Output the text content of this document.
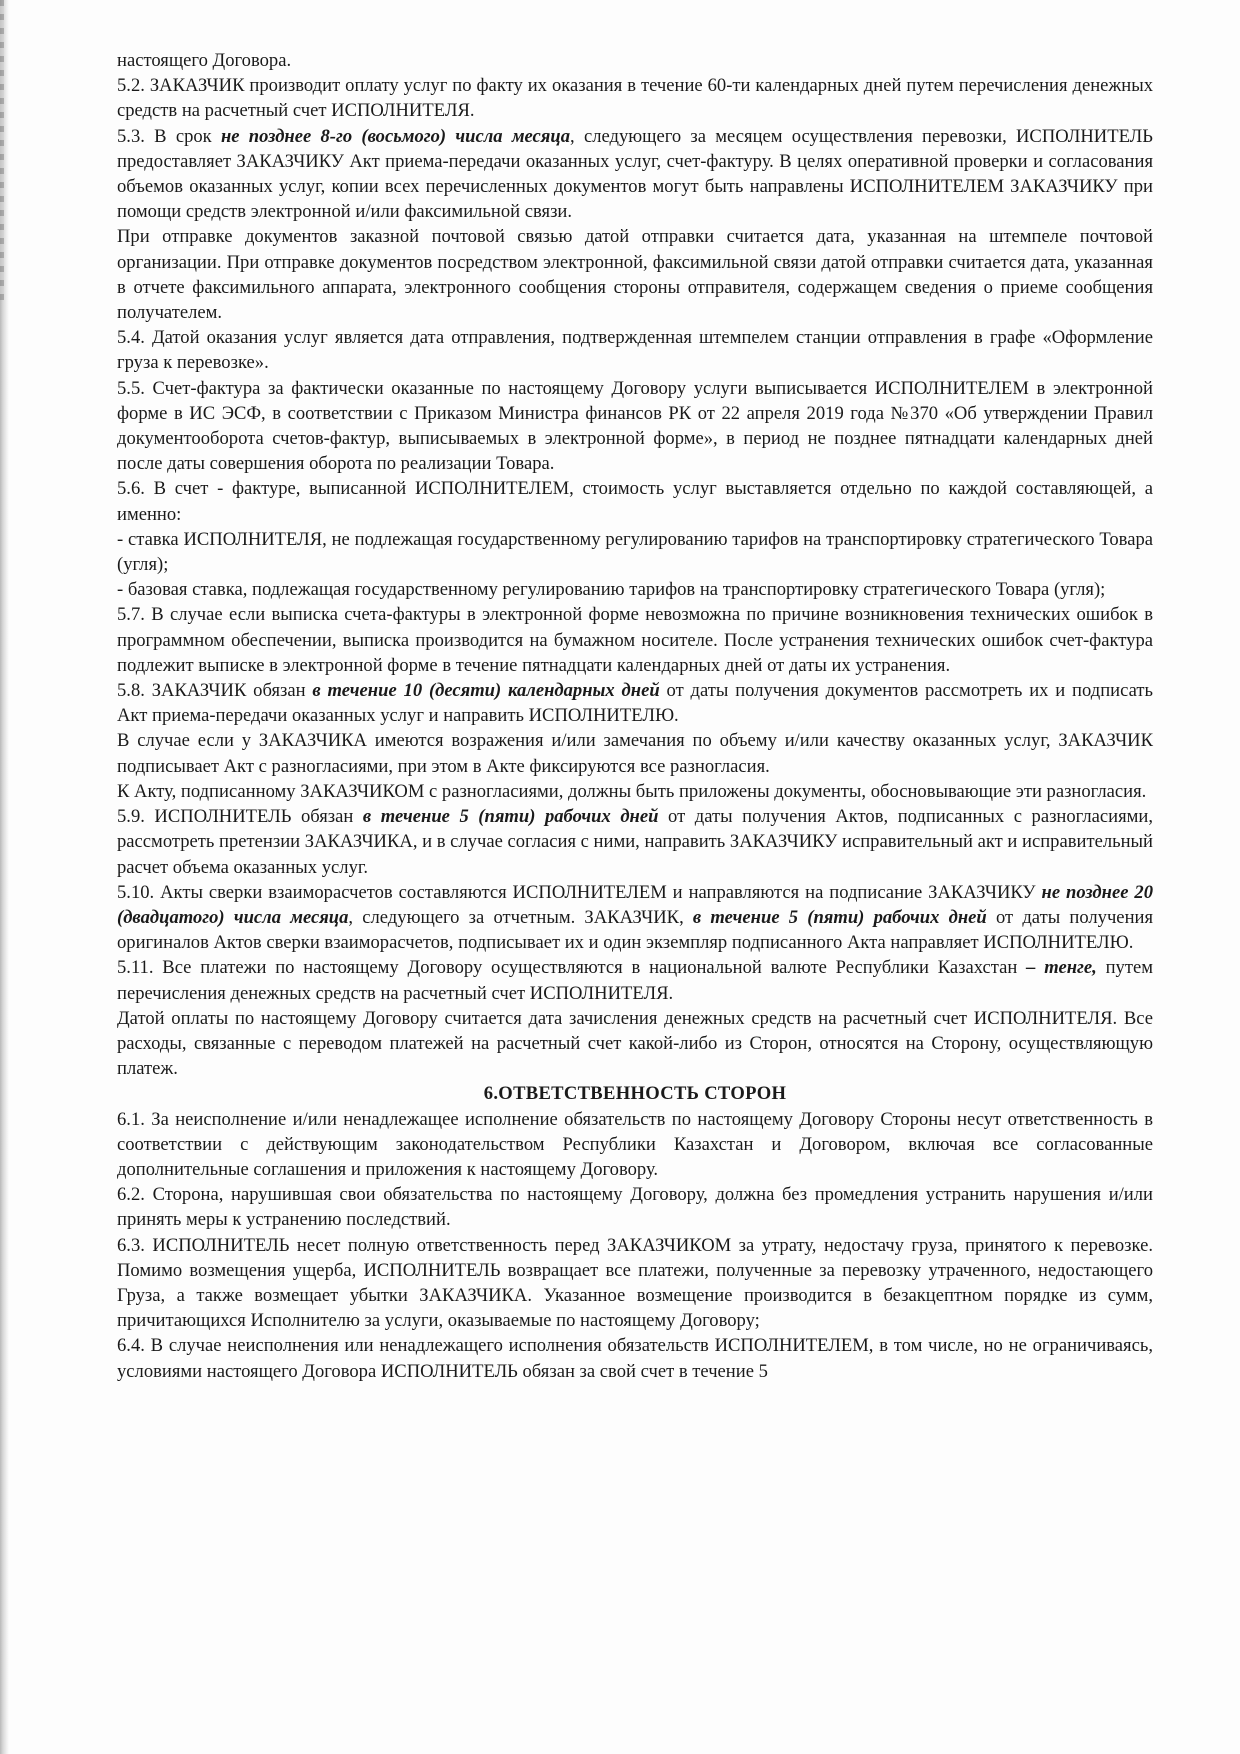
настоящего Договора.

5.2. ЗАКАЗЧИК производит оплату услуг по факту их оказания в течение 60-ти календарных дней путем перечисления денежных средств на расчетный счет ИСПОЛНИТЕЛЯ.

5.3. В срок не позднее 8-го (восьмого) числа месяца, следующего за месяцем осуществления перевозки, ИСПОЛНИТЕЛЬ предоставляет ЗАКАЗЧИКУ Акт приема-передачи оказанных услуг, счет-фактуру. В целях оперативной проверки и согласования объемов оказанных услуг, копии всех перечисленных документов могут быть направлены ИСПОЛНИТЕЛЕМ ЗАКАЗЧИКУ при помощи средств электронной и/или факсимильной связи.

При отправке документов заказной почтовой связью датой отправки считается дата, указанная на штемпеле почтовой организации. При отправке документов посредством электронной, факсимильной связи датой отправки считается дата, указанная в отчете факсимильного аппарата, электронного сообщения стороны отправителя, содержащем сведения о приеме сообщения получателем.

5.4. Датой оказания услуг является дата отправления, подтвержденная штемпелем станции отправления в графе «Оформление груза к перевозке».

5.5. Счет-фактура за фактически оказанные по настоящему Договору услуги выписывается ИСПОЛНИТЕЛЕМ в электронной форме в ИС ЭСФ, в соответствии с Приказом Министра финансов РК от 22 апреля 2019 года №370 «Об утверждении Правил документооборота счетов-фактур, выписываемых в электронной форме», в период не позднее пятнадцати календарных дней после даты совершения оборота по реализации Товара.

5.6. В счет - фактуре, выписанной ИСПОЛНИТЕЛЕМ, стоимость услуг выставляется отдельно по каждой составляющей, а именно:

- ставка ИСПОЛНИТЕЛЯ, не подлежащая государственному регулированию тарифов на транспортировку стратегического Товара (угля);

- базовая ставка, подлежащая государственному регулированию тарифов на транспортировку стратегического Товара (угля);

5.7. В случае если выписка счета-фактуры в электронной форме невозможна по причине возникновения технических ошибок в программном обеспечении, выписка производится на бумажном носителе. После устранения технических ошибок счет-фактура подлежит выписке в электронной форме в течение пятнадцати календарных дней от даты их устранения.

5.8. ЗАКАЗЧИК обязан в течение 10 (десяти) календарных дней от даты получения документов рассмотреть их и подписать Акт приема-передачи оказанных услуг и направить ИСПОЛНИТЕЛЮ.

В случае если у ЗАКАЗЧИКА имеются возражения и/или замечания по объему и/или качеству оказанных услуг, ЗАКАЗЧИК подписывает Акт с разногласиями, при этом в Акте фиксируются все разногласия.

К Акту, подписанному ЗАКАЗЧИКОМ с разногласиями, должны быть приложены документы, обосновывающие эти разногласия.

5.9. ИСПОЛНИТЕЛЬ обязан в течение 5 (пяти) рабочих дней от даты получения Актов, подписанных с разногласиями, рассмотреть претензии ЗАКАЗЧИКА, и в случае согласия с ними, направить ЗАКАЗЧИКУ исправительный акт и исправительный расчет объема оказанных услуг.

5.10. Акты сверки взаиморасчетов составляются ИСПОЛНИТЕЛЕМ и направляются на подписание ЗАКАЗЧИКУ не позднее 20 (двадцатого) числа месяца, следующего за отчетным. ЗАКАЗЧИК, в течение 5 (пяти) рабочих дней от даты получения оригиналов Актов сверки взаиморасчетов, подписывает их и один экземпляр подписанного Акта направляет ИСПОЛНИТЕЛЮ.

5.11. Все платежи по настоящему Договору осуществляются в национальной валюте Республики Казахстан – тенге, путем перечисления денежных средств на расчетный счет ИСПОЛНИТЕЛЯ.

Датой оплаты по настоящему Договору считается дата зачисления денежных средств на расчетный счет ИСПОЛНИТЕЛЯ. Все расходы, связанные с переводом платежей на расчетный счет какой-либо из Сторон, относятся на Сторону, осуществляющую платеж.

6.ОТВЕТСТВЕННОСТЬ СТОРОН

6.1. За неисполнение и/или ненадлежащее исполнение обязательств по настоящему Договору Стороны несут ответственность в соответствии с действующим законодательством Республики Казахстан и Договором, включая все согласованные дополнительные соглашения и приложения к настоящему Договору.

6.2. Сторона, нарушившая свои обязательства по настоящему Договору, должна без промедления устранить нарушения и/или принять меры к устранению последствий.

6.3. ИСПОЛНИТЕЛЬ несет полную ответственность перед ЗАКАЗЧИКОМ за утрату, недостачу груза, принятого к перевозке. Помимо возмещения ущерба, ИСПОЛНИТЕЛЬ возвращает все платежи, полученные за перевозку утраченного, недостающего Груза, а также возмещает убытки ЗАКАЗЧИКА. Указанное возмещение производится в безакцептном порядке из сумм, причитающихся Исполнителю за услуги, оказываемые по настоящему Договору;

6.4. В случае неисполнения или ненадлежащего исполнения обязательств ИСПОЛНИТЕЛЕМ, в том числе, но не ограничиваясь, условиями настоящего Договора ИСПОЛНИТЕЛЬ обязан за свой счет в течение 5
